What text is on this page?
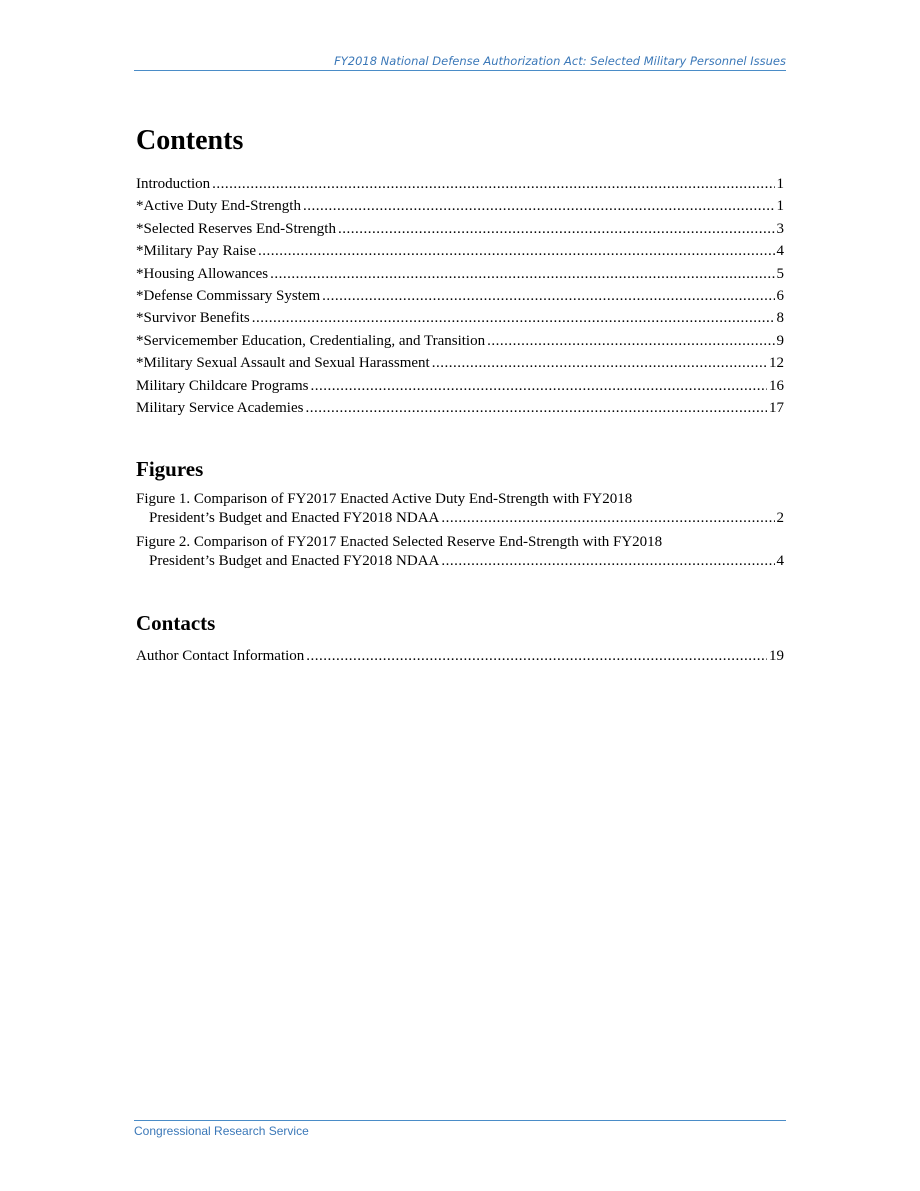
FY2018 National Defense Authorization Act: Selected Military Personnel Issues
Contents
Introduction .....	1
*Active Duty End-Strength .....	1
*Selected Reserves End-Strength .....	3
*Military Pay Raise .....	4
*Housing Allowances .....	5
*Defense Commissary System .....	6
*Survivor Benefits .....	8
*Servicemember Education, Credentialing, and Transition .....	9
*Military Sexual Assault and Sexual Harassment .....	12
Military Childcare Programs .....	16
Military Service Academies .....	17
Figures
Figure 1. Comparison of FY2017 Enacted Active Duty End-Strength with FY2018
President’s Budget and Enacted FY2018 NDAA .....	2
Figure 2. Comparison of FY2017 Enacted Selected Reserve End-Strength with FY2018
President’s Budget and Enacted FY2018 NDAA .....	4
Contacts
Author Contact Information .....	19
Congressional Research Service
